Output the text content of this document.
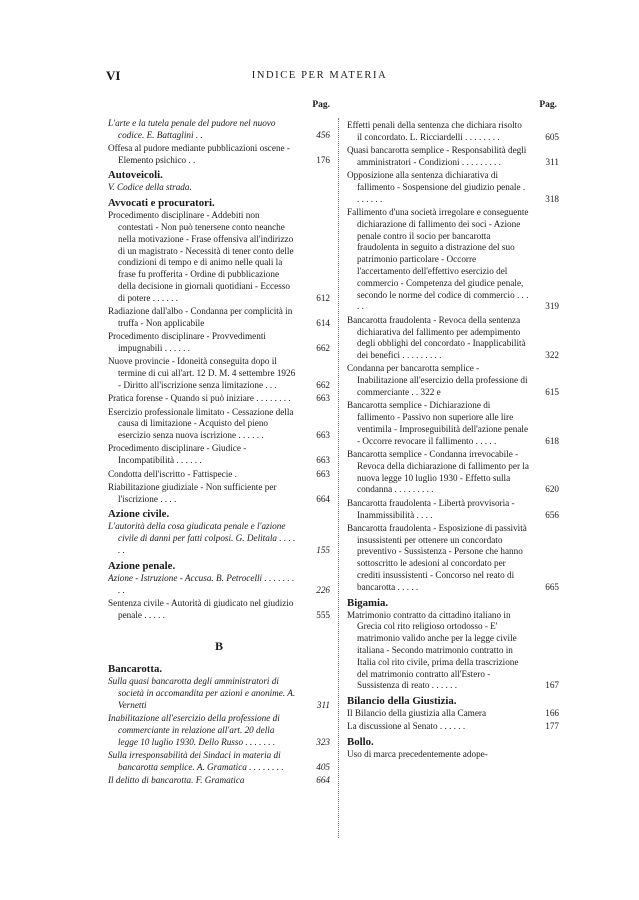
VI	INDICE PER MATERIA
Pag.
L'arte e la tutela penale del pudore nel nuovo codice. E. Battaglini . .	456
Offesa al pudore mediante pubblicazioni oscene - Elemento psichico . .	176
Autoveicoli.
V. Codice della strada.
Avvocati e procuratori.
Procedimento disciplinare - Addebiti non contestati - Non può tenersene conto neanche nella motivazione - Frase offensiva all'indirizzo di un magistrato - Necessità di tener conto delle condizioni di tempo e di animo nelle quali la frase fu profferita - Ordine di pubblicazione della decisione in giornali quotidiani - Eccesso di potere . . . . . .	612
Radiazione dall'albo - Condanna per complicità in truffa - Non applicabile	614
Procedimento disciplinare - Provvedimenti impugnabili . . . . . .	662
Nuove provincie - Idoneità conseguita dopo il termine di cui all'art. 12 D. M. 4 settembre 1926 - Diritto all'iscrizione senza limitazione . . .	662
Pratica forense - Quando si può iniziare . . . . . . . .	663
Esercizio professionale limitato - Cessazione della causa di limitazione - Acquisto del pieno esercizio senza nuova iscrizione . . . . . .	663
Procedimento disciplinare - Giudice - Incompatibilità . . . . . .	663
Condotta dell'iscritto - Fattispecie .	663
Riabilitazione giudiziale - Non sufficiente per l'iscrizione . . . .	664
Azione civile.
L'autorità della cosa giudicata penale e l'azione civile di danni per fatti colposi. G. Delitala . . . . . .	155
Azione penale.
Azione - Istruzione - Accusa. B. Petrocelli . . . . . . . . .	226
Sentenza civile - Autorità di giudicato nel giudizio penale . . . . .	555
B
Bancarotta.
Sulla quasi bancarotta degli amministratori di società in accomandita per azioni e anonime. A. Vernetti	311
Inabilitazione all'esercizio della professione di commerciante in relazione all'art. 20 della legge 10 luglio 1930. Dello Russo . . . . . . .	323
Sulla irresponsabilità dei Sindaci in materia di bancarotta semplice. A. Gramatica . . . . . . . .	405
Il delitto di bancarotta. F. Gramatica	664
Pag.
Effetti penali della sentenza che dichiara risolto il concordato. L. Ricciardelli . . . . . . . .	605
Quasi bancarotta semplice - Responsabilità degli amministratori - Condizioni . . . . . . . . .	311
Opposizione alla sentenza dichiarativa di fallimento - Sospensione del giudizio penale . . . . . . .	318
Fallimento d'una società irregolare e conseguente dichiarazione di fallimento dei soci - Azione penale contro il socio per bancarotta fraudolenta in seguito a distrazione del suo patrimonio particolare - Occorre l'accertamento dell'effettivo esercizio del commercio - Competenza del giudice penale, secondo le norme del codice di commercio . . . . .	319
Bancarotta fraudolenta - Revoca della sentenza dichiarativa del fallimento per adempimento degli obblighi del concordato - Inapplicabilità dei benefici . . . . . . . . .	322
Condanna per bancarotta semplice - Inabilitazione all'esercizio della professione di commerciante . . 322 e	615
Bancarotta semplice - Dichiarazione di fallimento - Passivo non superiore alle lire ventimila - Improseguibilità dell'azione penale - Occorre revocare il fallimento . . . . .	618
Bancarotta semplice - Condanna irrevocabile - Revoca della dichiarazione di fallimento per la nuova legge 10 luglio 1930 - Effetto sulla condanna . . . . . . . . .	620
Bancarotta fraudolenta - Libertà provvisoria - Inammissibilità . . . .	656
Bancarotta fraudolenta - Esposizione di passività insussistenti per ottenere un concordato preventivo - Sussistenza - Persone che hanno sottoscritto le adesioni al concordato per crediti insussistenti - Concorso nel reato di bancarotta . . . . .	665
Bigamia.
Matrimonio contratto da cittadino italiano in Grecia col rito religioso ortodosso - E' matrimonio valido anche per la legge civile italiana - Secondo matrimonio contratto in Italia col rito civile, prima della trascrizione del matrimonio contratto all'Estero - Sussistenza di reato . . . . . .	167
Bilancio della Giustizia.
Il Bilancio della giustizia alla Camera	166
La discussione al Senato . . . . . .	177
Bollo.
Uso di marca precedentemente adope-
